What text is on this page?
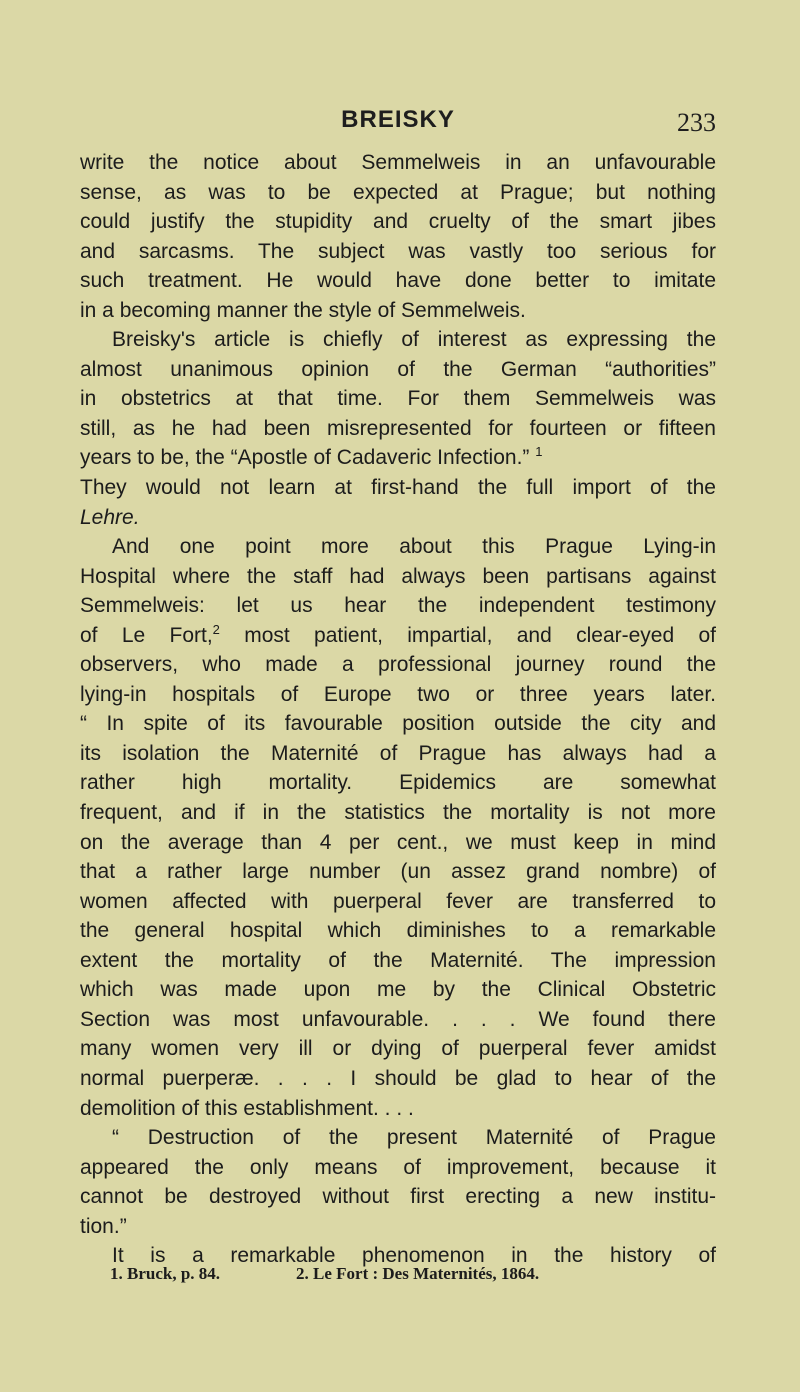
BREISKY	233

write the notice about Semmelweis in an unfavourable
sense, as was to be expected at Prague; but nothing
could justify the stupidity and cruelty of the smart jibes
and sarcasms. The subject was vastly too serious for
such treatment. He would have done better to imitate
in a becoming manner the style of Semmelweis.

Breisky's article is chiefly of interest as expressing the
almost unanimous opinion of the German “authorities”
in obstetrics at that time. For them Semmelweis was
still, as he had been misrepresented for fourteen or fifteen
years to be, the “Apostle of Cadaveric Infection.” $^1$
They would not learn at first-hand the full import of the
Lehre.

And one point more about this Prague Lying-in
Hospital where the staff had always been partisans against
Semmelweis: let us hear the independent testimony
of Le Fort,$^2$ most patient, impartial, and clear-eyed of
observers, who made a professional journey round the
lying-in hospitals of Europe two or three years later.
“ In spite of its favourable position outside the city and
its isolation the Maternité of Prague has always had a
rather high mortality. Epidemics are somewhat
frequent, and if in the statistics the mortality is not more
on the average than 4 per cent., we must keep in mind
that a rather large number (un assez grand nombre) of
women affected with puerperal fever are transferred to
the general hospital which diminishes to a remarkable
extent the mortality of the Maternité. The impression
which was made upon me by the Clinical Obstetric
Section was most unfavourable. . . . We found there
many women very ill or dying of puerperal fever amidst
normal puerperæ. . . . I should be glad to hear of the
demolition of this establishment. . . .

“ Destruction of the present Maternité of Prague
appeared the only means of improvement, because it
cannot be destroyed without first erecting a new institu-
tion.”

It is a remarkable phenomenon in the history of

1. Bruck, p. 84.	2. Le Fort : Des Maternités, 1864.
